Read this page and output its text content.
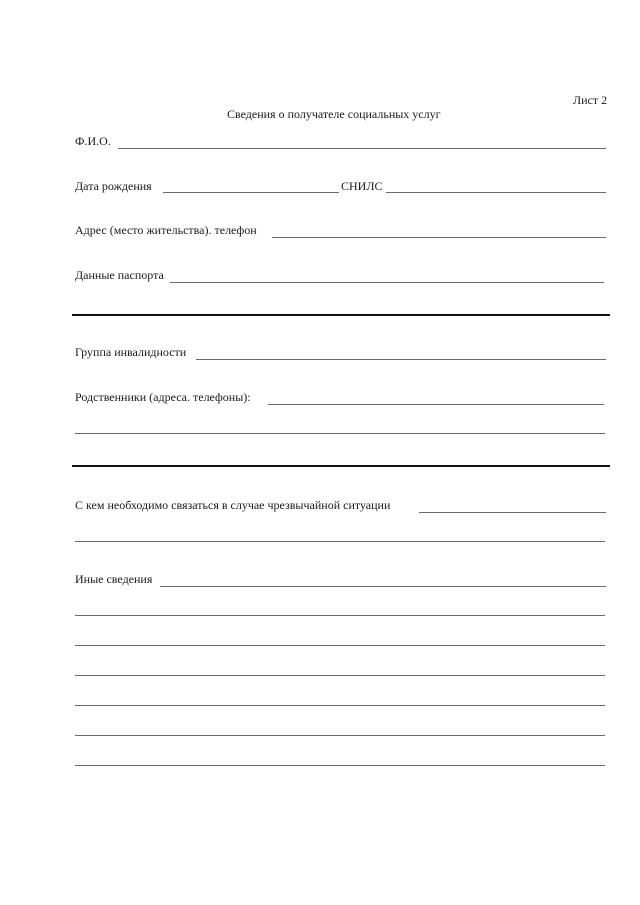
Лист 2
Сведения о получателе социальных услуг
Ф.И.О.
Дата рождения	СНИЛС
Адрес (место жительства). телефон
Данные паспорта
Группа инвалидности
Родственники (адреса. телефоны):
С кем необходимо связаться в случае чрезвычайной ситуации
Иные сведения
